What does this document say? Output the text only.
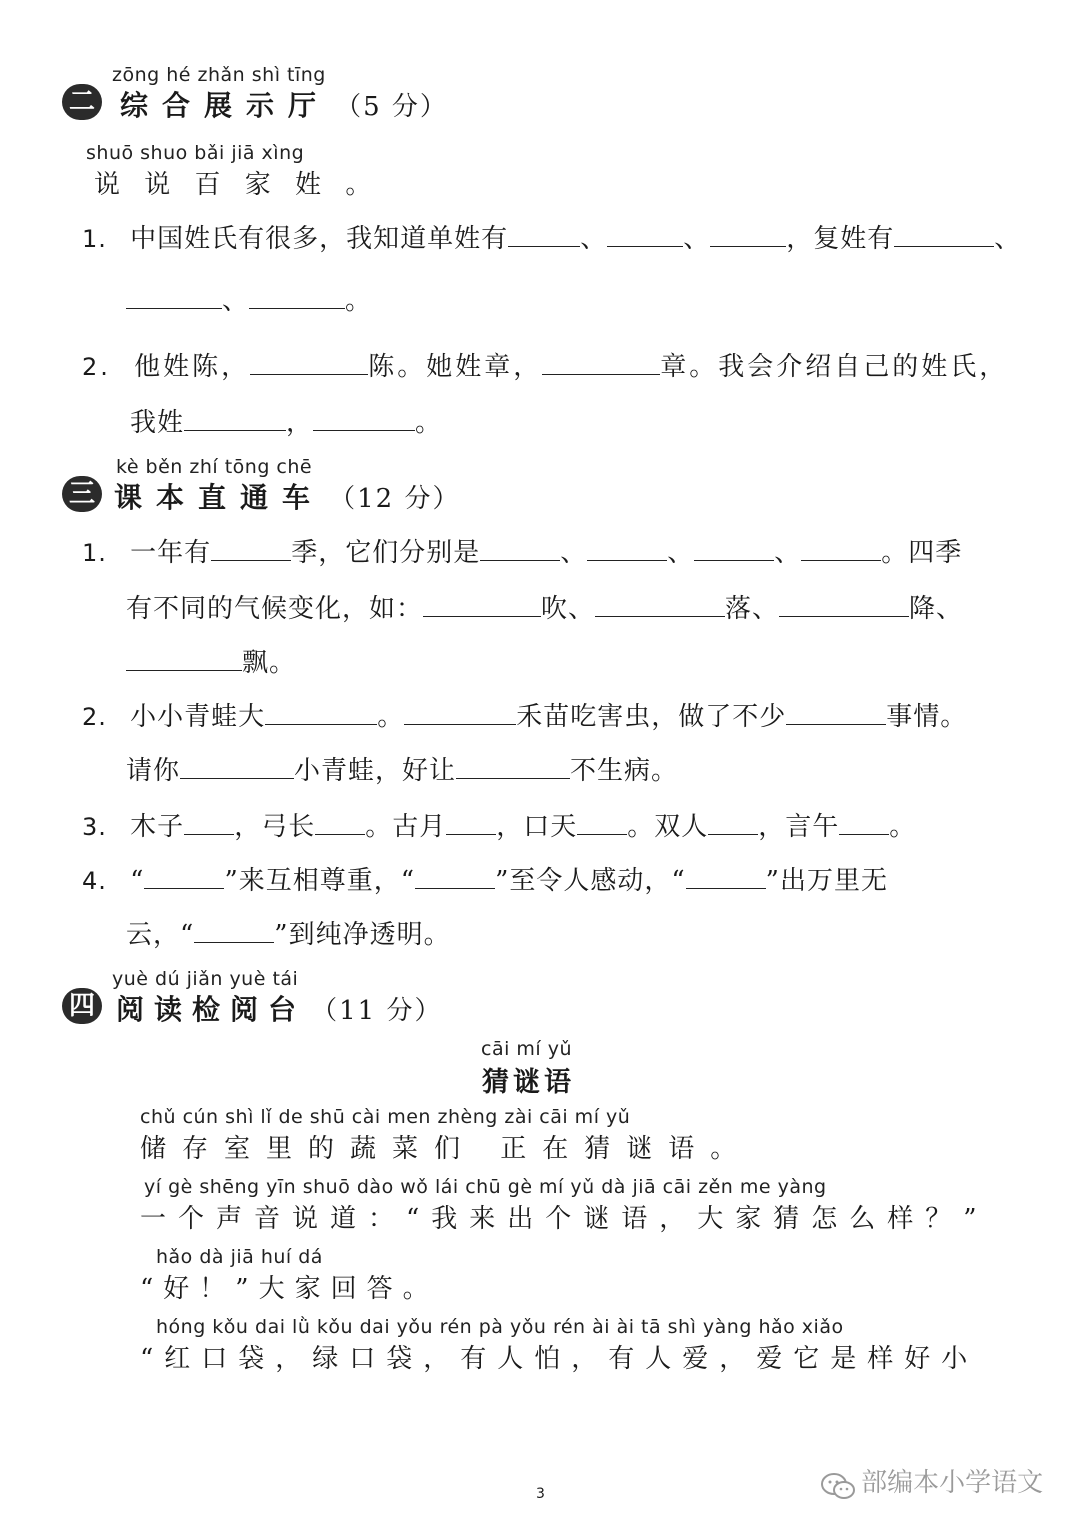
zōng hé zhǎn shì tīng
二 综合展示厅 （5 分）
shuō shuo bǎi jiā xìng
说 说 百 家 姓 。
1. 中国姓氏有很多，我知道单姓有	、	、	，复姓有	、
、	。
2. 他姓陈，	陈。她姓章，	章。我会介绍自己的姓氏，
我姓	，	。
kè běn zhí tōng chē
三 课本直通车 （12 分）
1. 一年有	季，它们分别是	、	、	、	。四季
有不同的气候变化，如：	吹、	落、	降、
飘。
2. 小小青蛙大	。	禾苗吃害虫，做了不少	事情。
请你	小青蛙，好让	不生病。
3. 木子 ，弓长 。古月 ，口天 。双人 ，言午 。
4. “	”来互相尊重，“	”至令人感动，“	”出万里无
云，“	”到纯净透明。
yuè dú jiǎn yuè tái
四 阅读检阅台 （11 分）
cāi mí yǔ
猜谜语
chǔ cún shì lǐ de shū cài men zhèng zài cāi mí yǔ
储存室里的蔬菜们 正在猜谜语。
yí gè shēng yīn shuō dào wǒ lái chū gè mí yǔ dà jiā cāi zěn me yàng
一个声音说道：“我来出个谜语，大家猜怎么样？”
hǎo dà jiā huí dá
“好！”大家回答。
hóng kǒu dai lǜ kǒu dai yǒu rén pà yǒu rén ài ài tā shì yàng hǎo xiǎo
“红口袋，绿口袋，有人怕，有人爱，爱它是样好小
3	部编本小学语文
